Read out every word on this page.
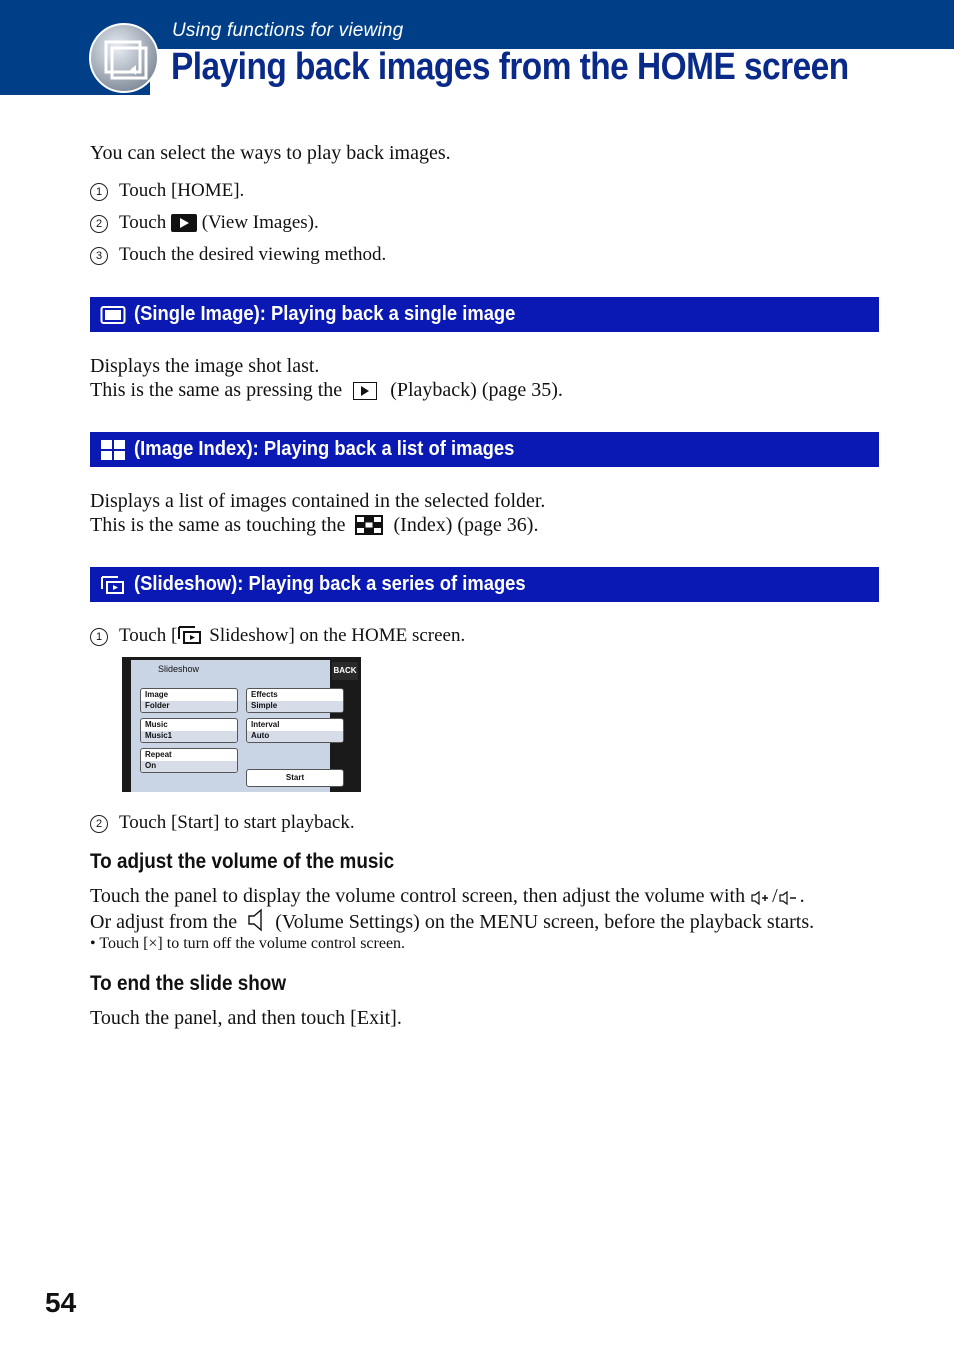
Using functions for viewing
Playing back images from the HOME screen
You can select the ways to play back images.
1 Touch [HOME].
2 Touch (View Images).
3 Touch the desired viewing method.
(Single Image): Playing back a single image
Displays the image shot last.
This is the same as pressing the (Playback) (page 35).
(Image Index): Playing back a list of images
Displays a list of images contained in the selected folder.
This is the same as touching the (Index) (page 36).
(Slideshow): Playing back a series of images
1 Touch [ Slideshow] on the HOME screen.
Slideshow	BACK
Image
Folder
Effects
Simple
Music
Music1
Interval
Auto
Repeat
On
Start
2 Touch [Start] to start playback.
To adjust the volume of the music
Touch the panel to display the volume control screen, then adjust the volume with / .
Or adjust from the (Volume Settings) on the MENU screen, before the playback starts.
• Touch [×] to turn off the volume control screen.
To end the slide show
Touch the panel, and then touch [Exit].
54
